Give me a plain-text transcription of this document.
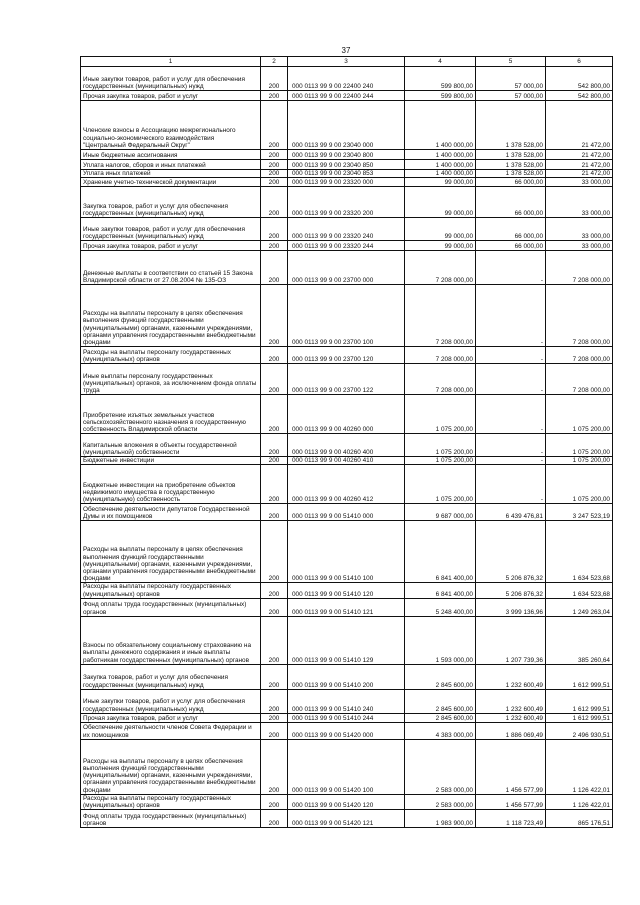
37
1	2	3	4	5	6
Иные закупки товаров, работ и услуг для обеспечения государственных (муниципальных) нужд	200	000 0113 99 9 00 22400 240	599 800,00	57 000,00	542 800,00
Прочая закупка товаров, работ и услуг	200	000 0113 99 9 00 22400 244	599 800,00	57 000,00	542 800,00
Членские взносы в Ассоциацию межрегионального социально-экономического взаимодействия "Центральный Федеральный Округ"	200	000 0113 99 9 00 23040 000	1 400 000,00	1 378 528,00	21 472,00
Иные бюджетные ассигнования	200	000 0113 99 9 00 23040 800	1 400 000,00	1 378 528,00	21 472,00
Уплата налогов, сборов и иных платежей	200	000 0113 99 9 00 23040 850	1 400 000,00	1 378 528,00	21 472,00
Уплата иных платежей	200	000 0113 99 9 00 23040 853	1 400 000,00	1 378 528,00	21 472,00
Хранение учетно-технической документации	200	000 0113 99 9 00 23320 000	99 000,00	66 000,00	33 000,00
Закупка товаров, работ и услуг для обеспечения государственных (муниципальных) нужд	200	000 0113 99 9 00 23320 200	99 000,00	66 000,00	33 000,00
Иные закупки товаров, работ и услуг для обеспечения государственных (муниципальных) нужд	200	000 0113 99 9 00 23320 240	99 000,00	66 000,00	33 000,00
Прочая закупка товаров, работ и услуг	200	000 0113 99 9 00 23320 244	99 000,00	66 000,00	33 000,00
Денежные выплаты в соответствии со статьей 15 Закона Владимирской области от 27.08.2004 № 135-ОЗ	200	000 0113 99 9 00 23700 000	7 208 000,00	-	7 208 000,00
Расходы на выплаты персоналу в целях обеспечения выполнения функций государственными (муниципальными) органами, казенными учреждениями, органами управления государственными внебюджетными фондами	200	000 0113 99 9 00 23700 100	7 208 000,00	-	7 208 000,00
Расходы на выплаты персоналу государственных (муниципальных) органов	200	000 0113 99 9 00 23700 120	7 208 000,00	-	7 208 000,00
Иные выплаты персоналу государственных (муниципальных) органов, за исключением фонда оплаты труда	200	000 0113 99 9 00 23700 122	7 208 000,00	-	7 208 000,00
Приобретение изъятых земельных участков сельскохозяйственного назначения в государственную собственность Владимирской области	200	000 0113 99 9 00 40260 000	1 075 200,00	-	1 075 200,00
Капитальные вложения в объекты государственной (муниципальной) собственности	200	000 0113 99 9 00 40260 400	1 075 200,00	-	1 075 200,00
Бюджетные инвестиции	200	000 0113 99 9 00 40260 410	1 075 200,00	-	1 075 200,00
Бюджетные инвестиции на приобретение объектов недвижимого имущества в государственную (муниципальную) собственность	200	000 0113 99 9 00 40260 412	1 075 200,00	-	1 075 200,00
Обеспечение деятельности депутатов Государственной Думы и их помощников	200	000 0113 99 9 00 51410 000	9 687 000,00	6 439 476,81	3 247 523,19
Расходы на выплаты персоналу в целях обеспечения выполнения функций государственными (муниципальными) органами, казенными учреждениями, органами управления государственными внебюджетными фондами	200	000 0113 99 9 00 51410 100	6 841 400,00	5 206 876,32	1 634 523,68
Расходы на выплаты персоналу государственных (муниципальных) органов	200	000 0113 99 9 00 51410 120	6 841 400,00	5 206 876,32	1 634 523,68
Фонд оплаты труда государственных (муниципальных) органов	200	000 0113 99 9 00 51410 121	5 248 400,00	3 999 136,96	1 249 263,04
Взносы по обязательному социальному страхованию на выплаты денежного содержания и иные выплаты работникам государственных (муниципальных) органов	200	000 0113 99 9 00 51410 129	1 593 000,00	1 207 739,36	385 260,64
Закупка товаров, работ и услуг для обеспечения государственных (муниципальных) нужд	200	000 0113 99 9 00 51410 200	2 845 600,00	1 232 600,49	1 612 999,51
Иные закупки товаров, работ и услуг для обеспечения государственных (муниципальных) нужд	200	000 0113 99 9 00 51410 240	2 845 600,00	1 232 600,49	1 612 999,51
Прочая закупка товаров, работ и услуг	200	000 0113 99 9 00 51410 244	2 845 600,00	1 232 600,49	1 612 999,51
Обеспечение деятельности членов Совета Федерации и их помощников	200	000 0113 99 9 00 51420 000	4 383 000,00	1 886 069,49	2 496 930,51
Расходы на выплаты персоналу в целях обеспечения выполнения функций государственными (муниципальными) органами, казенными учреждениями, органами управления государственными внебюджетными фондами	200	000 0113 99 9 00 51420 100	2 583 000,00	1 456 577,99	1 126 422,01
Расходы на выплаты персоналу государственных (муниципальных) органов	200	000 0113 99 9 00 51420 120	2 583 000,00	1 456 577,99	1 126 422,01
Фонд оплаты труда государственных (муниципальных) органов	200	000 0113 99 9 00 51420 121	1 983 900,00	1 118 723,49	865 176,51
